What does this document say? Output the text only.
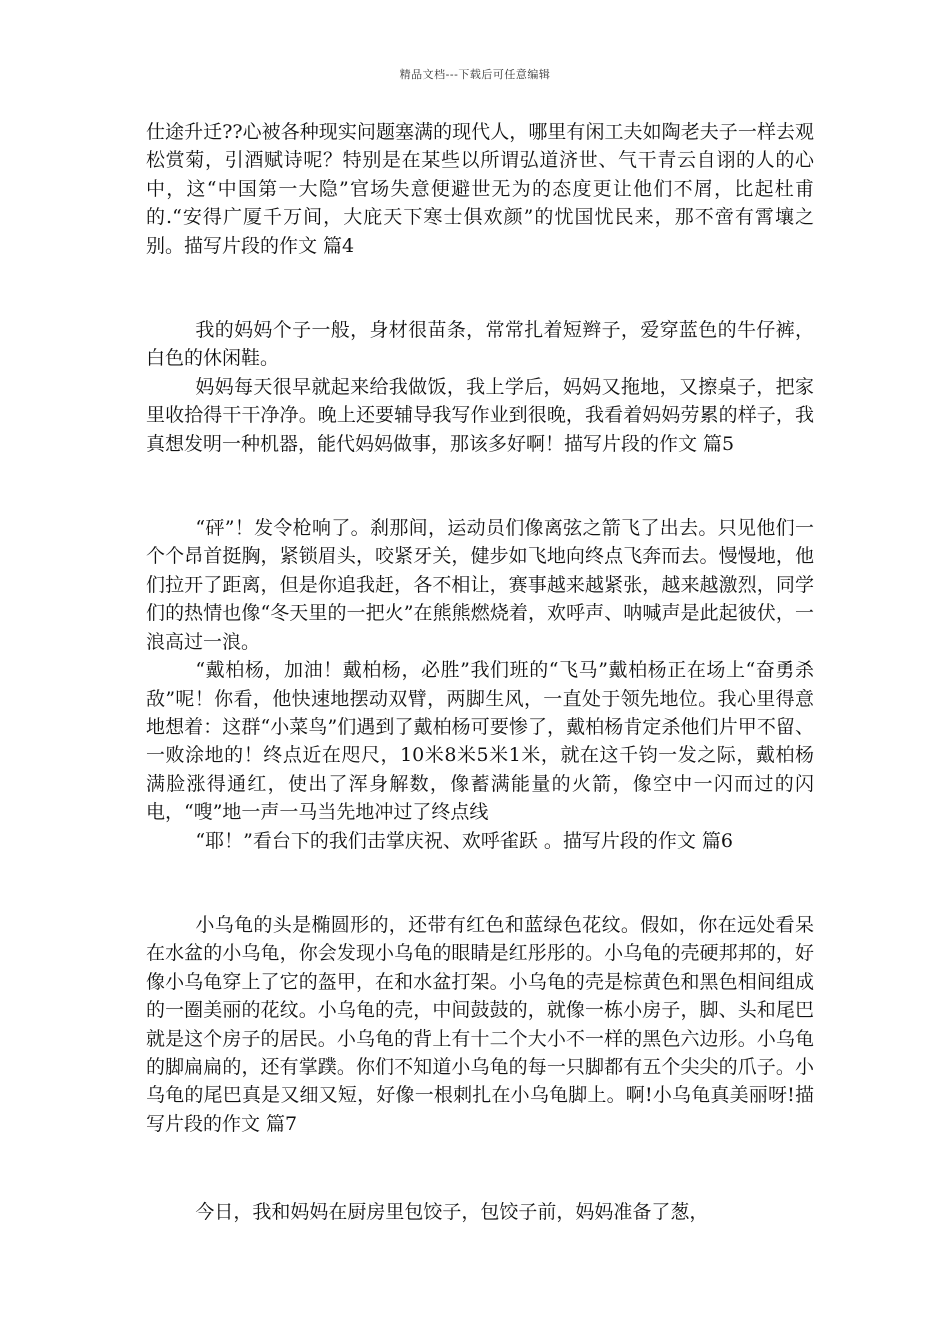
精品文档---下载后可任意编辑

仕途升迁??心被各种现实问题塞满的现代人，哪里有闲工夫如陶老夫子一样去观松赏菊，引酒赋诗呢？特别是在某些以所谓弘道济世、气干青云自诩的人的心中，这“中国第一大隐”官场失意便避世无为的态度更让他们不屑，比起杜甫的.“安得广厦千万间，大庇天下寒士俱欢颜”的忧国忧民来，那不啻有霄壤之别。描写片段的作文 篇4

我的妈妈个子一般，身材很苗条，常常扎着短辫子，爱穿蓝色的牛仔裤，白色的休闲鞋。

妈妈每天很早就起来给我做饭，我上学后，妈妈又拖地，又擦桌子，把家里收拾得干干净净。晚上还要辅导我写作业到很晚，我看着妈妈劳累的样子，我真想发明一种机器，能代妈妈做事，那该多好啊！描写片段的作文 篇5

“砰”！发令枪响了。刹那间，运动员们像离弦之箭飞了出去。只见他们一个个昂首挺胸，紧锁眉头，咬紧牙关，健步如飞地向终点飞奔而去。慢慢地，他们拉开了距离，但是你追我赶，各不相让，赛事越来越紧张，越来越激烈，同学们的热情也像“冬天里的一把火”在熊熊燃烧着，欢呼声、呐喊声是此起彼伏，一浪高过一浪。

“戴柏杨，加油！戴柏杨，必胜”我们班的“飞马”戴柏杨正在场上“奋勇杀敌”呢！你看，他快速地摆动双臂，两脚生风，一直处于领先地位。我心里得意地想着：这群“小菜鸟”们遇到了戴柏杨可要惨了，戴柏杨肯定杀他们片甲不留、一败涂地的！终点近在咫尺，10米8米5米1米，就在这千钧一发之际，戴柏杨满脸涨得通红，使出了浑身解数，像蓄满能量的火箭，像空中一闪而过的闪电，“嗖”地一声一马当先地冲过了终点线

“耶！”看台下的我们击掌庆祝、欢呼雀跃 。描写片段的作文 篇6

小乌龟的头是椭圆形的，还带有红色和蓝绿色花纹。假如，你在远处看呆在水盆的小乌龟，你会发现小乌龟的眼睛是红彤彤的。小乌龟的壳硬邦邦的，好像小乌龟穿上了它的盔甲，在和水盆打架。小乌龟的壳是棕黄色和黑色相间组成的一圈美丽的花纹。小乌龟的壳，中间鼓鼓的，就像一栋小房子，脚、头和尾巴就是这个房子的居民。小乌龟的背上有十二个大小不一样的黑色六边形。小乌龟的脚扁扁的，还有掌蹼。你们不知道小乌龟的每一只脚都有五个尖尖的爪子。小乌龟的尾巴真是又细又短，好像一根刺扎在小乌龟脚上。啊!小乌龟真美丽呀!描写片段的作文 篇7

今日，我和妈妈在厨房里包饺子，包饺子前，妈妈准备了葱，
